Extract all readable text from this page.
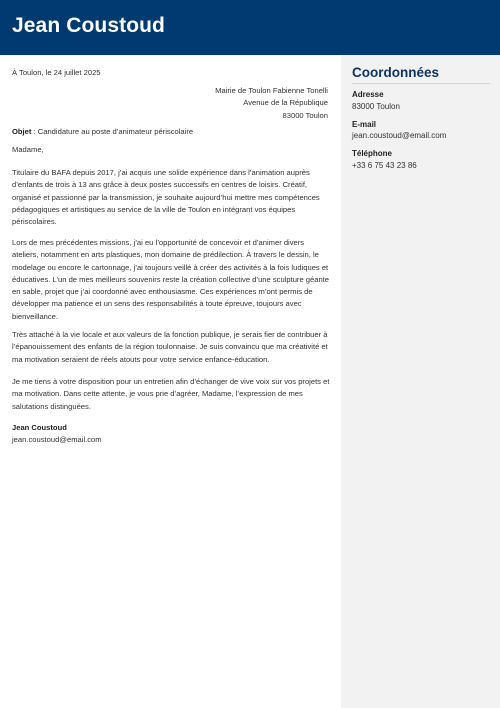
Jean Coustoud
Coordonnées
Adresse
83000 Toulon
E-mail
jean.coustoud@email.com
Téléphone
+33 6 75 43 23 86
À Toulon, le 24 juillet 2025
Mairie de Toulon Fabienne Tonelli
Avenue de la République
83000 Toulon
Objet : Candidature au poste d’animateur périscolaire
Madame,

Titulaire du BAFA depuis 2017, j’ai acquis une solide expérience dans l’animation auprès d’enfants de trois à 13 ans grâce à deux postes successifs en centres de loisirs. Créatif, organisé et passionné par la transmission, je souhaite aujourd’hui mettre mes compétences pédagogiques et artistiques au service de la ville de Toulon en intégrant vos équipes périscolaires.

Lors de mes précédentes missions, j’ai eu l’opportunité de concevoir et d’animer divers ateliers, notamment en arts plastiques, mon domaine de prédilection. À travers le dessin, le modelage ou encore le cartonnage, j’ai toujours veillé à créer des activités à la fois ludiques et éducatives. L’un de mes meilleurs souvenirs reste la création collective d’une sculpture géante en sable, projet que j’ai coordonné avec enthousiasme. Ces expériences m’ont permis de développer ma patience et un sens des responsabilités à toute épreuve, toujours avec bienveillance.

Très attaché à la vie locale et aux valeurs de la fonction publique, je serais fier de contribuer à l’épanouissement des enfants de la région toulonnaise. Je suis convaincu que ma créativité et ma motivation seraient de réels atouts pour votre service enfance-éducation.

Je me tiens à votre disposition pour un entretien afin d’échanger de vive voix sur vos projets et ma motivation. Dans cette attente, je vous prie d’agréer, Madame, l’expression de mes salutations distinguées.

Jean Coustoud
jean.coustoud@email.com
